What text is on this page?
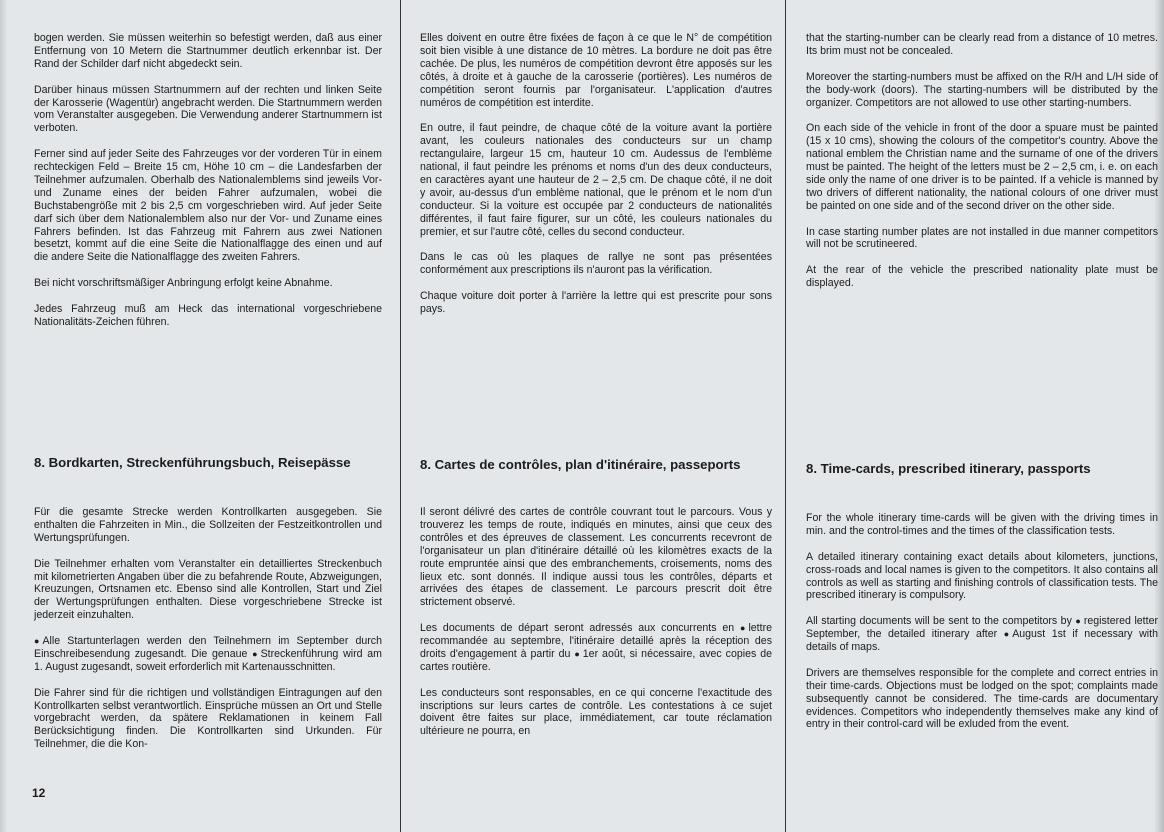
bogen werden. Sie müssen weiterhin so befestigt werden, daß aus einer Entfernung von 10 Metern die Startnummer deutlich erkennbar ist. Der Rand der Schilder darf nicht abgedeckt sein.

Darüber hinaus müssen Startnummern auf der rechten und linken Seite der Karosserie (Wagentür) angebracht werden. Die Startnummern werden vom Veranstalter ausgegeben. Die Verwendung anderer Startnummern ist verboten.

Ferner sind auf jeder Seite des Fahrzeuges vor der vorderen Tür in einem rechteckigen Feld – Breite 15 cm, Höhe 10 cm – die Landesfarben der Teilnehmer aufzumalen. Oberhalb des Nationalemblems sind jeweils Vor- und Zuname eines der beiden Fahrer aufzumalen, wobei die Buchstabengröße mit 2 bis 2,5 cm vorgeschrieben wird. Auf jeder Seite darf sich über dem Nationalemblem also nur der Vor- und Zuname eines Fahrers befinden. Ist das Fahrzeug mit Fahrern aus zwei Nationen besetzt, kommt auf die eine Seite die Nationalflagge des einen und auf die andere Seite die Nationalflagge des zweiten Fahrers.

Bei nicht vorschriftsmäßiger Anbringung erfolgt keine Abnahme.

Jedes Fahrzeug muß am Heck das international vorgeschriebene Nationalitäts-Zeichen führen.

8. Bordkarten, Streckenführungsbuch, Reisepässe

Für die gesamte Strecke werden Kontrollkarten ausgegeben. Sie enthalten die Fahrzeiten in Min., die Sollzeiten der Festzeitkontrollen und Wertungsprüfungen.

Die Teilnehmer erhalten vom Veranstalter ein detailliertes Streckenbuch mit kilometrierten Angaben über die zu befahrende Route, Abzweigungen, Kreuzungen, Ortsnamen etc. Ebenso sind alle Kontrollen, Start und Ziel der Wertungsprüfungen enthalten. Diese vorgeschriebene Strecke ist jederzeit einzuhalten.

● Alle Startunterlagen werden den Teilnehmern im September durch Einschreibesendung zugesandt. Die genaue ● Streckenführung wird am 1. August zugesandt, soweit erforderlich mit Kartenausschnitten.

Die Fahrer sind für die richtigen und vollständigen Eintragungen auf den Kontrollkarten selbst verantwortlich. Einsprüche müssen an Ort und Stelle vorgebracht werden, da spätere Reklamationen in keinem Fall Berücksichtigung finden. Die Kontrollkarten sind Urkunden. Für Teilnehmer, die die Kon-

Elles doivent en outre être fixées de façon à ce que le N° de compétition soit bien visible à une distance de 10 mètres. La bordure ne doit pas être cachée. De plus, les numéros de compétition devront être apposés sur les côtés, à droite et à gauche de la carosserie (portières). Les numéros de compétition seront fournis par l'organisateur. L'application d'autres numéros de compétition est interdite.

En outre, il faut peindre, de chaque côté de la voiture avant la portière avant, les couleurs nationales des conducteurs sur un champ rectangulaire, largeur 15 cm, hauteur 10 cm. Audessus de l'emblème national, il faut peindre les prénoms et noms d'un des deux conducteurs, en caractères ayant une hauteur de 2 – 2,5 cm. De chaque côté, il ne doit y avoir, au-dessus d'un emblème national, que le prénom et le nom d'un conducteur. Si la voiture est occupée par 2 conducteurs de nationalités différentes, il faut faire figurer, sur un côté, les couleurs nationales du premier, et sur l'autre côté, celles du second conducteur.

Dans le cas où les plaques de rallye ne sont pas présentées conformément aux prescriptions ils n'auront pas la vérification.

Chaque voiture doit porter à l'arrière la lettre qui est prescrite pour sons pays.

8. Cartes de contrôles, plan d'itinéraire, passeports

Il seront délivré des cartes de contrôle couvrant tout le parcours. Vous y trouverez les temps de route, indiqués en minutes, ainsi que ceux des contrôles et des épreuves de classement. Les concurrents recevront de l'organisateur un plan d'itinéraire détaillé où les kilomètres exacts de la route empruntée ainsi que des embranchements, croisements, noms des lieux etc. sont donnés. Il indique aussi tous les contrôles, départs et arrivées des étapes de classement. Le parcours prescrit doit être strictement observé.

Les documents de départ seront adressés aux concurrents en ● lettre recommandée au septembre, l'itinéraire detaillé après la réception des droits d'engagement à partir du ● 1er août, si nécessaire, avec copies de cartes routière.

Les conducteurs sont responsables, en ce qui concerne l'exactitude des inscriptions sur leurs cartes de contrôle. Les contestations à ce sujet doivent être faites sur place, immédiatement, car toute réclamation ultérieure ne pourra, en

that the starting-number can be clearly read from a distance of 10 metres. Its brim must not be concealed.

Moreover the starting-numbers must be affixed on the R/H and L/H side of the body-work (doors). The starting-numbers will be distributed by the organizer. Competitors are not allowed to use other starting-numbers.

On each side of the vehicle in front of the door a spuare must be painted (15 x 10 cms), showing the colours of the competitor's country. Above the national emblem the Christian name and the surname of one of the drivers must be painted. The height of the letters must be 2 – 2,5 cm, i. e. on each side only the name of one driver is to be painted. If a vehicle is manned by two drivers of different nationality, the national colours of one driver must be painted on one side and of the second driver on the other side.

In case starting number plates are not installed in due manner competitors will not be scrutineered.

At the rear of the vehicle the prescribed nationality plate must be displayed.

8. Time-cards, prescribed itinerary, passports

For the whole itinerary time-cards will be given with the driving times in min. and the control-times and the times of the classification tests.

A detailed itinerary containing exact details about kilometers, junctions, cross-roads and local names is given to the competitors. It also contains all controls as well as starting and finishing controls of classification tests. The prescribed itinerary is compulsory.

All starting documents will be sent to the competitors by ● registered letter September, the detailed itinerary after ● August 1st if necessary with details of maps.

Drivers are themselves responsible for the complete and correct entries in their time-cards. Objections must be lodged on the spot; complaints made subsequently cannot be considered. The time-cards are documentary evidences. Competitors who independently themselves make any kind of entry in their control-card will be exluded from the event.

12
